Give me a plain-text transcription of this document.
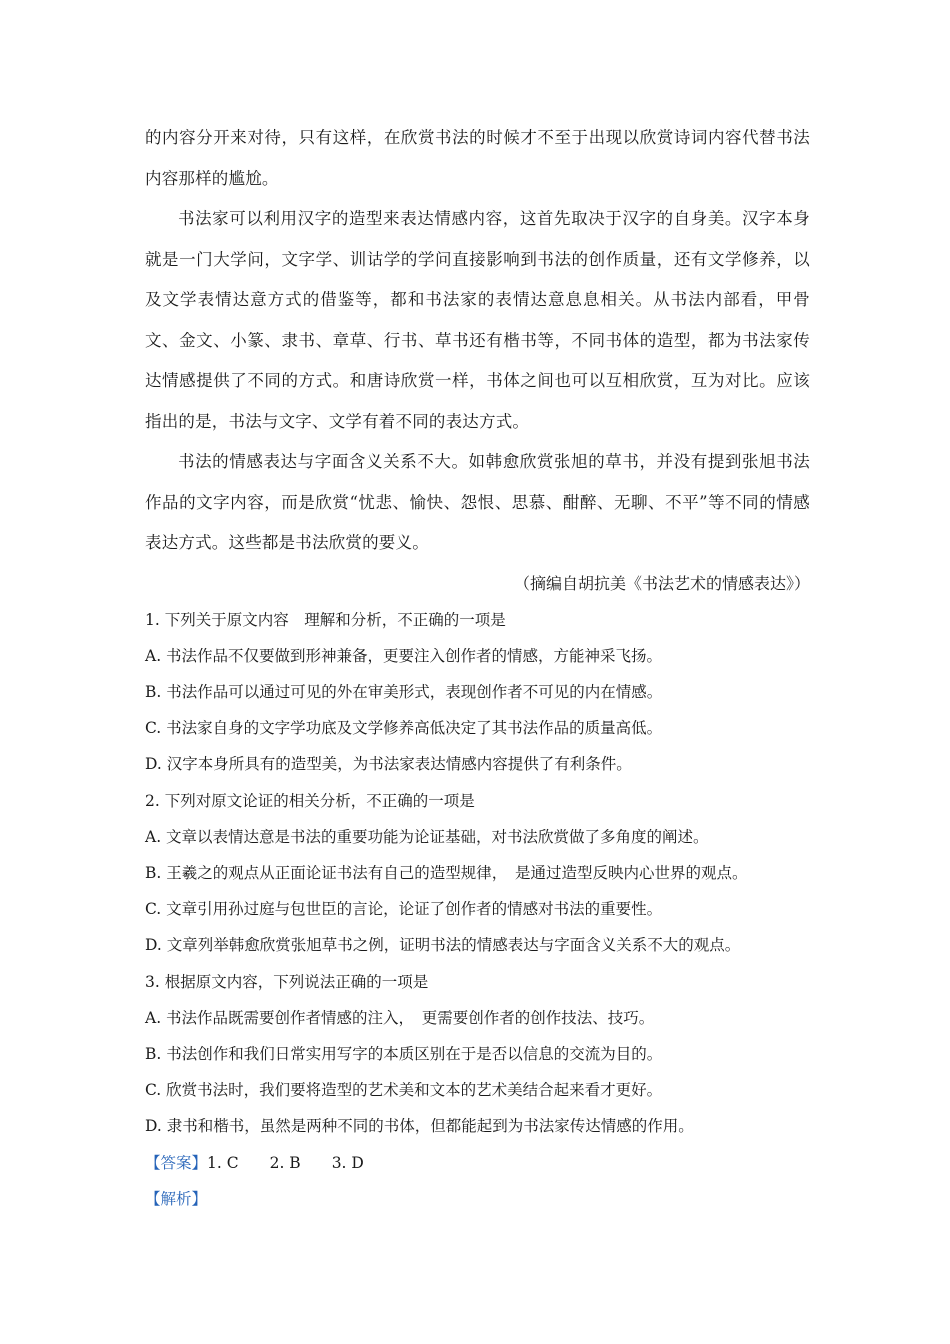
的内容分开来对待，只有这样，在欣赏书法的时候才不至于出现以欣赏诗词内容代替书法内容那样的尴尬。

书法家可以利用汉字的造型来表达情感内容，这首先取决于汉字的自身美。汉字本身就是一门大学问，文字学、训诂学的学问直接影响到书法的创作质量，还有文学修养，以及文学表情达意方式的借鉴等，都和书法家的表情达意息息相关。从书法内部看，甲骨文、金文、小篆、隶书、章草、行书、草书还有楷书等，不同书体的造型，都为书法家传达情感提供了不同的方式。和唐诗欣赏一样，书体之间也可以互相欣赏，互为对比。应该指出的是，书法与文字、文学有着不同的表达方式。

书法的情感表达与字面含义关系不大。如韩愈欣赏张旭的草书，并没有提到张旭书法作品的文字内容，而是欣赏“忧悲、愉快、怨恨、思慕、酣醉、无聊、不平”等不同的情感表达方式。这些都是书法欣赏的要义。

（摘编自胡抗美《书法艺术的情感表达》）

1. 下列关于原文内容　理解和分析，不正确的一项是

A. 书法作品不仅要做到形神兼备，更要注入创作者的情感，方能神采飞扬。

B. 书法作品可以通过可见的外在审美形式，表现创作者不可见的内在情感。

C. 书法家自身的文字学功底及文学修养高低决定了其书法作品的质量高低。

D. 汉字本身所具有的造型美，为书法家表达情感内容提供了有利条件。

2. 下列对原文论证的相关分析，不正确的一项是

A. 文章以表情达意是书法的重要功能为论证基础，对书法欣赏做了多角度的阐述。

B. 王羲之的观点从正面论证书法有自己的造型规律，　是通过造型反映内心世界的观点。

C. 文章引用孙过庭与包世臣的言论，论证了创作者的情感对书法的重要性。

D. 文章列举韩愈欣赏张旭草书之例，证明书法的情感表达与字面含义关系不大的观点。

3. 根据原文内容，下列说法正确的一项是

A. 书法作品既需要创作者情感的注入，　更需要创作者的创作技法、技巧。

B. 书法创作和我们日常实用写字的本质区别在于是否以信息的交流为目的。

C. 欣赏书法时，我们要将造型的艺术美和文本的艺术美结合起来看才更好。

D. 隶书和楷书，虽然是两种不同的书体，但都能起到为书法家传达情感的作用。

【答案】1. C　　2. B　　3. D

【解析】
